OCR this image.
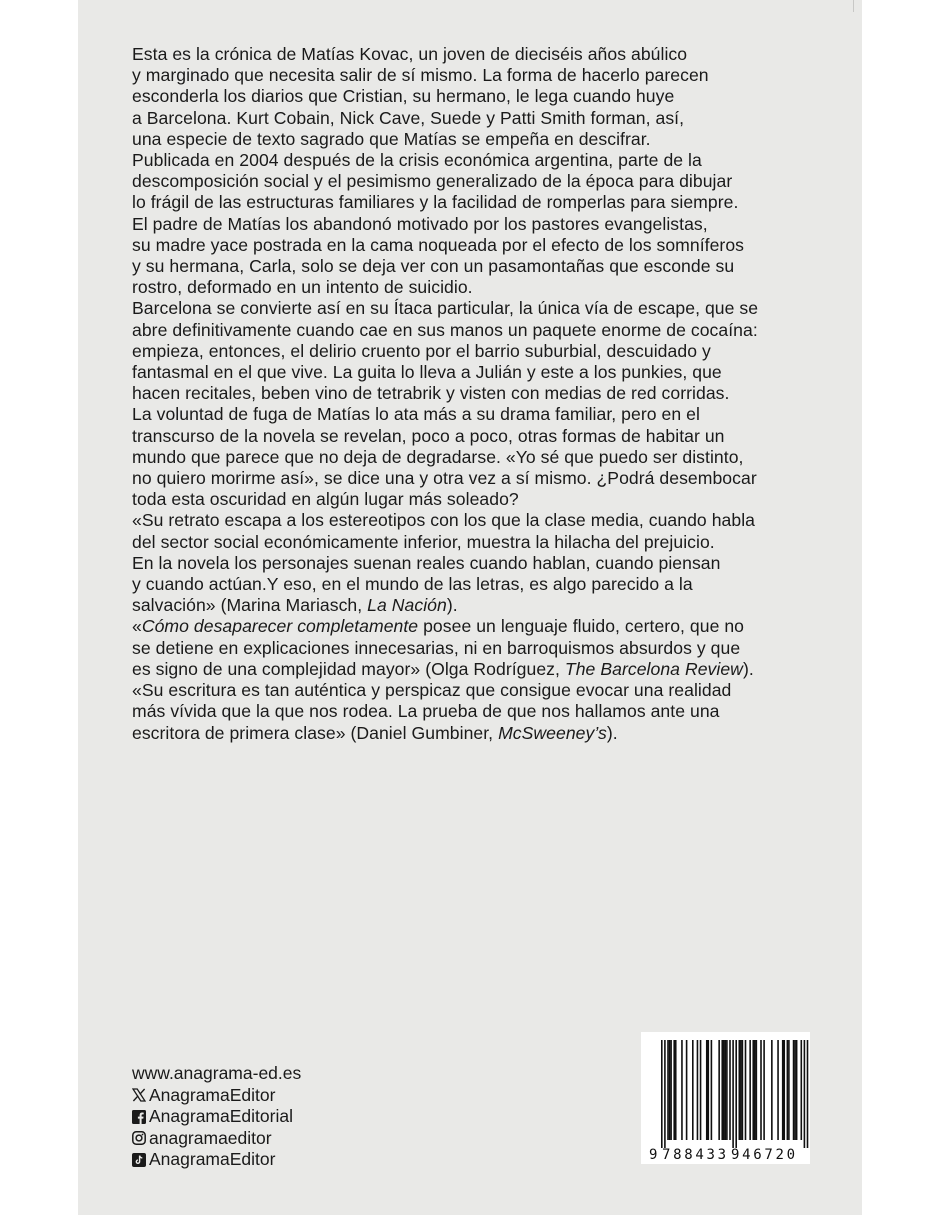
Esta es la crónica de Matías Kovac, un joven de dieciséis años abúlico
y marginado que necesita salir de sí mismo. La forma de hacerlo parecen
esconderla los diarios que Cristian, su hermano, le lega cuando huye
a Barcelona. Kurt Cobain, Nick Cave, Suede y Patti Smith forman, así,
una especie de texto sagrado que Matías se empeña en descifrar.
Publicada en 2004 después de la crisis económica argentina, parte de la
descomposición social y el pesimismo generalizado de la época para dibujar
lo frágil de las estructuras familiares y la facilidad de romperlas para siempre.
El padre de Matías los abandonó motivado por los pastores evangelistas,
su madre yace postrada en la cama noqueada por el efecto de los somníferos
y su hermana, Carla, solo se deja ver con un pasamontañas que esconde su
rostro, deformado en un intento de suicidio.
Barcelona se convierte así en su Ítaca particular, la única vía de escape, que se
abre definitivamente cuando cae en sus manos un paquete enorme de cocaína:
empieza, entonces, el delirio cruento por el barrio suburbial, descuidado y
fantasmal en el que vive. La guita lo lleva a Julián y este a los punkies, que
hacen recitales, beben vino de tetrabrik y visten con medias de red corridas.
La voluntad de fuga de Matías lo ata más a su drama familiar, pero en el
transcurso de la novela se revelan, poco a poco, otras formas de habitar un
mundo que parece que no deja de degradarse. «Yo sé que puedo ser distinto,
no quiero morirme así», se dice una y otra vez a sí mismo. ¿Podrá desembocar
toda esta oscuridad en algún lugar más soleado?
«Su retrato escapa a los estereotipos con los que la clase media, cuando habla
del sector social económicamente inferior, muestra la hilacha del prejuicio.
En la novela los personajes suenan reales cuando hablan, cuando piensan
y cuando actúan.Y eso, en el mundo de las letras, es algo parecido a la
salvación» (Marina Mariasch, La Nación).
«Cómo desaparecer completamente posee un lenguaje fluido, certero, que no
se detiene en explicaciones innecesarias, ni en barroquismos absurdos y que
es signo de una complejidad mayor» (Olga Rodríguez, The Barcelona Review).
«Su escritura es tan auténtica y perspicaz que consigue evocar una realidad
más vívida que la que nos rodea. La prueba de que nos hallamos ante una
escritora de primera clase» (Daniel Gumbiner, McSweeney’s).

www.anagrama-ed.es
AnagramaEditor
AnagramaEditorial
anagramaeditor
AnagramaEditor	9 788433 946720
